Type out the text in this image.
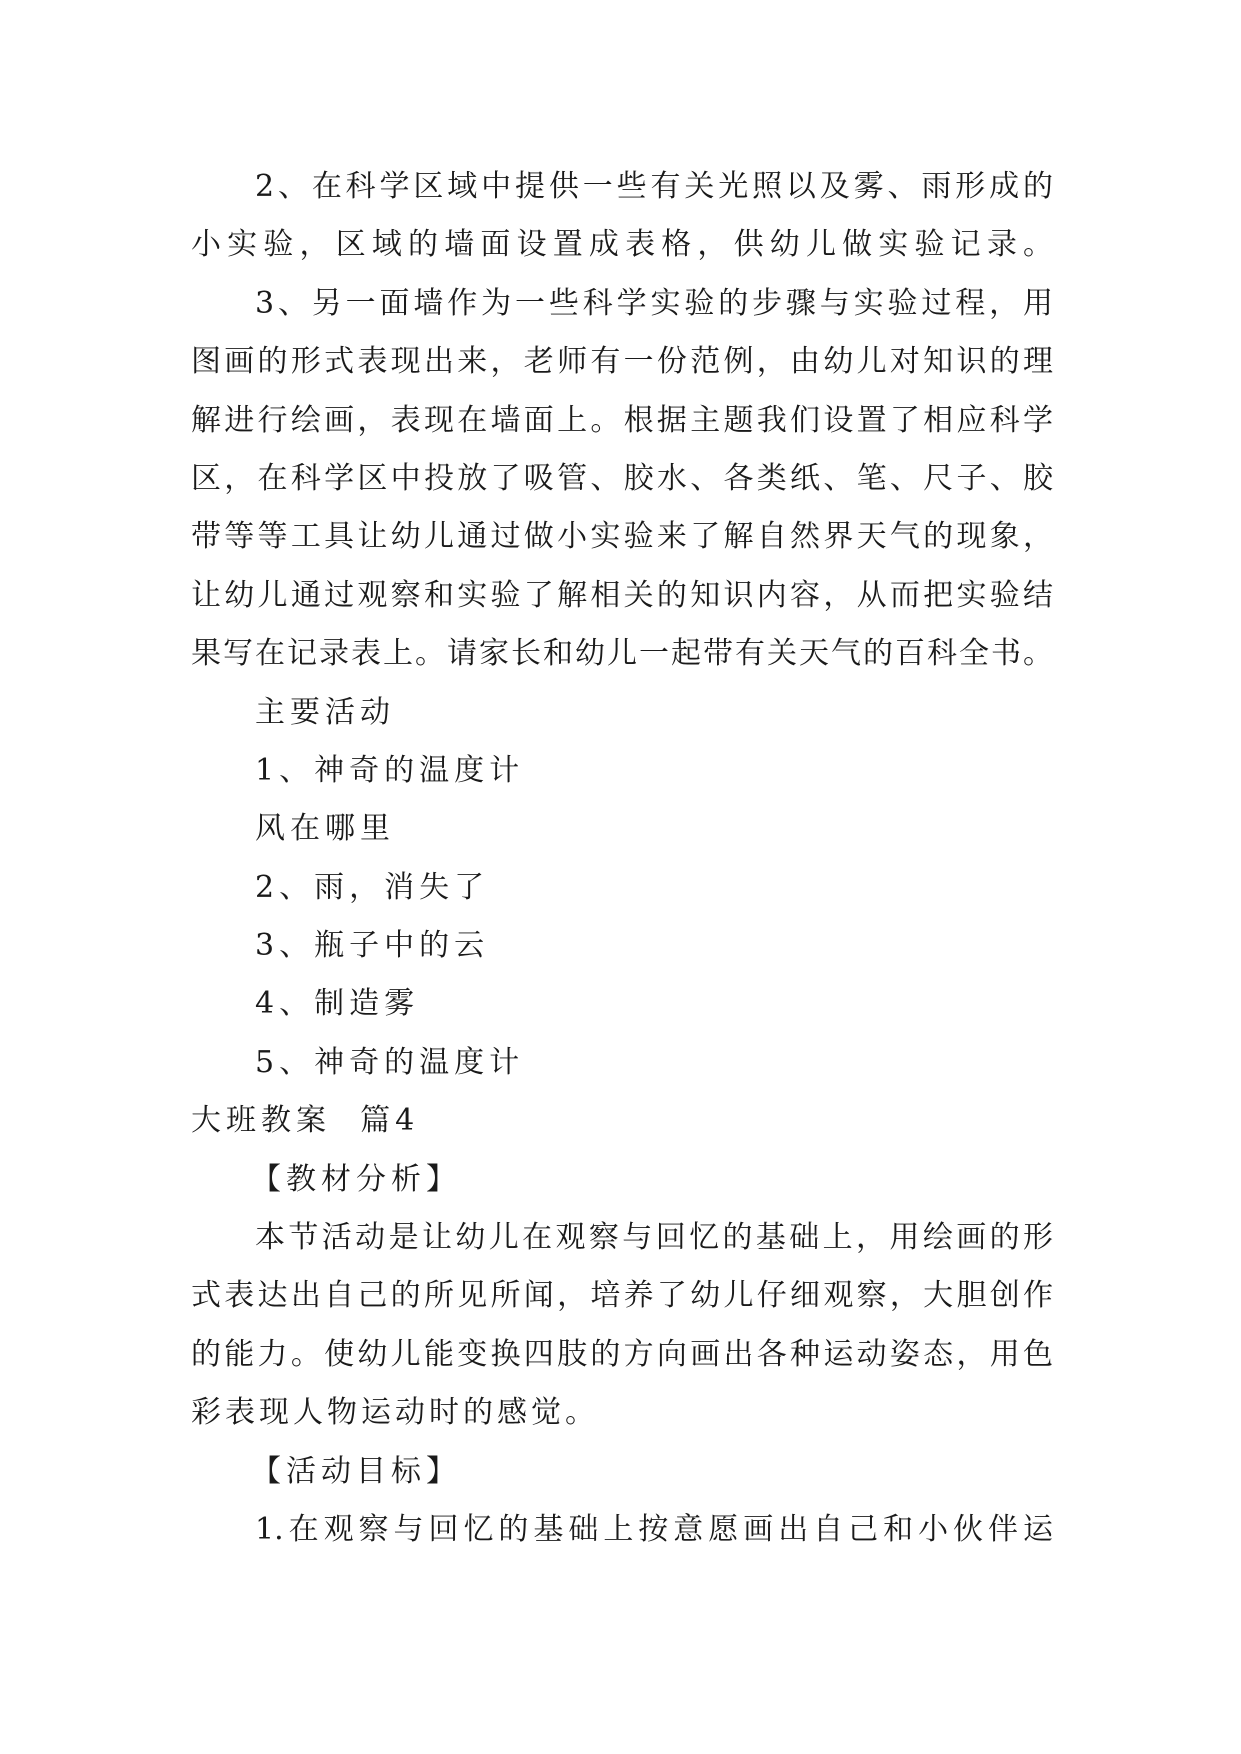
2、在科学区域中提供一些有关光照以及雾、雨形成的
小实验，区域的墙面设置成表格，供幼儿做实验记录。
3、另一面墙作为一些科学实验的步骤与实验过程，用
图画的形式表现出来，老师有一份范例，由幼儿对知识的理
解进行绘画，表现在墙面上。根据主题我们设置了相应科学
区，在科学区中投放了吸管、胶水、各类纸、笔、尺子、胶
带等等工具让幼儿通过做小实验来了解自然界天气的现象，
让幼儿通过观察和实验了解相关的知识内容，从而把实验结
果写在记录表上。请家长和幼儿一起带有关天气的百科全书。
主要活动
1、神奇的温度计
风在哪里
2、雨，消失了
3、瓶子中的云
4、制造雾
5、神奇的温度计
大班教案  篇4
【教材分析】
本节活动是让幼儿在观察与回忆的基础上，用绘画的形
式表达出自己的所见所闻，培养了幼儿仔细观察，大胆创作
的能力。使幼儿能变换四肢的方向画出各种运动姿态，用色
彩表现人物运动时的感觉。
【活动目标】
1.在观察与回忆的基础上按意愿画出自己和小伙伴运
